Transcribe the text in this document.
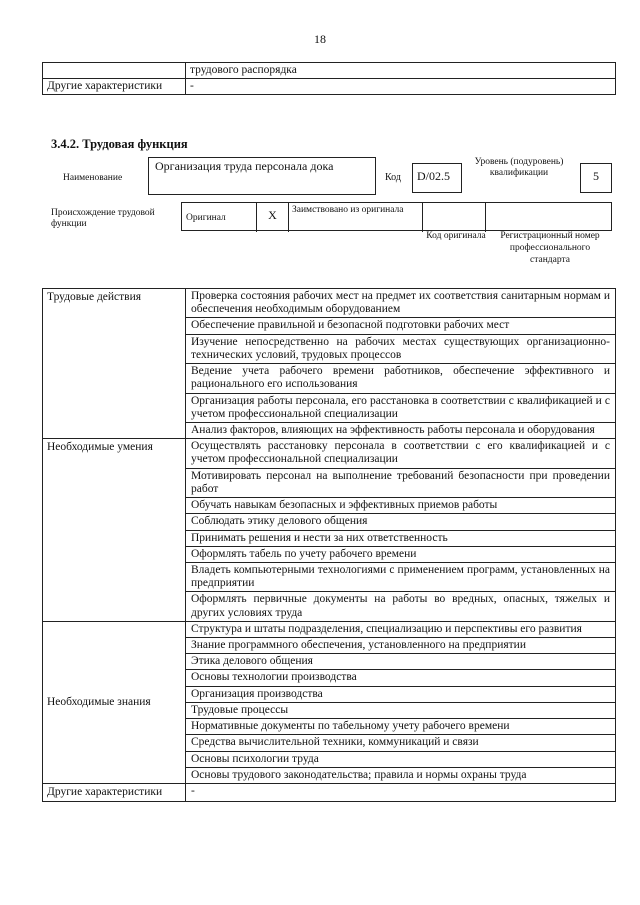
18
	трудового распорядка
Другие характеристики	-
3.4.2. Трудовая функция
Наименование
Организация труда персонала дока
Код	D/02.5
Уровень (подуровень) квалификации	5
Происхождение трудовой функции
Оригинал	X	Заимствовано из оригинала
Код оригинала	Регистрационный номер профессионального стандарта
Трудовые действия	Проверка состояния рабочих мест на предмет их соответствия санитарным нормам и обеспечения необходимым оборудованием
	Обеспечение правильной и безопасной подготовки рабочих мест
	Изучение непосредственно на рабочих местах существующих организационно-технических условий, трудовых процессов
	Ведение учета рабочего времени работников, обеспечение эффективного и рационального его использования
	Организация работы персонала, его расстановка в соответствии с квалификацией и с учетом профессиональной специализации
	Анализ факторов, влияющих на эффективность работы персонала и оборудования
Необходимые умения	Осуществлять расстановку персонала в соответствии с его квалификацией и с учетом профессиональной специализации
	Мотивировать персонал на выполнение требований безопасности при проведении работ
	Обучать навыкам безопасных и эффективных приемов работы
	Соблюдать этику делового общения
	Принимать решения и нести за них ответственность
	Оформлять табель по учету рабочего времени
	Владеть компьютерными технологиями с применением программ, установленных на предприятии
	Оформлять первичные документы на работы во вредных, опасных, тяжелых и других условиях труда
Необходимые знания	Структура и штаты подразделения, специализацию и перспективы его развития
	Знание программного обеспечения, установленного на предприятии
	Этика делового общения
	Основы технологии производства
	Организация производства
	Трудовые процессы
	Нормативные документы по табельному учету рабочего времени
	Средства вычислительной техники, коммуникаций и связи
	Основы психологии труда
	Основы трудового законодательства; правила и нормы охраны труда
Другие характеристики	-
